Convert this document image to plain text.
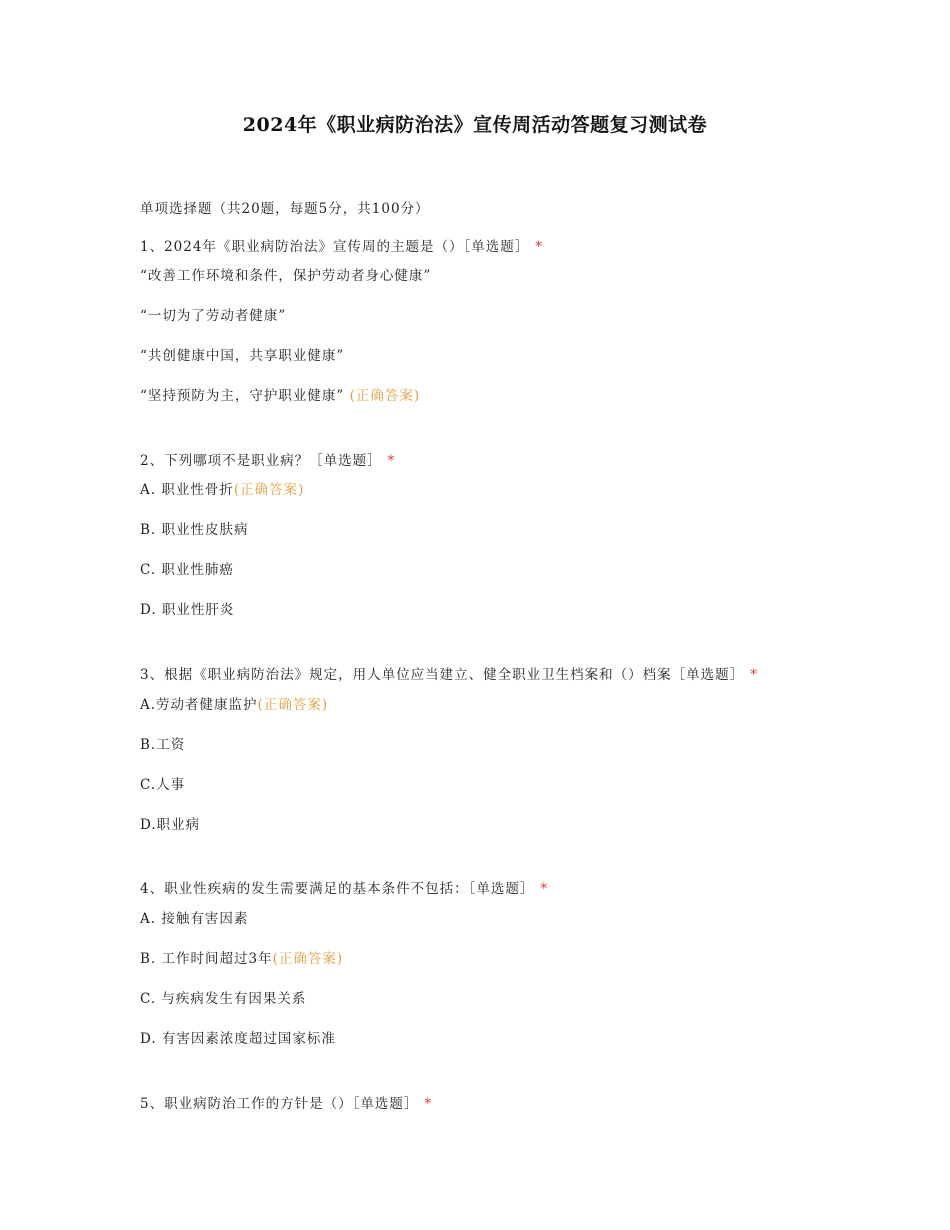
2024年《职业病防治法》宣传周活动答题复习测试卷
单项选择题（共20题，每题5分，共100分）
1、2024年《职业病防治法》宣传周的主题是（）［单选题］ *
“改善工作环境和条件，保护劳动者身心健康”
“一切为了劳动者健康”
“共创健康中国，共享职业健康”
“坚持预防为主，守护职业健康” (正确答案)
2、下列哪项不是职业病？［单选题］ *
A. 职业性骨折(正确答案)
B. 职业性皮肤病
C. 职业性肺癌
D. 职业性肝炎
3、根据《职业病防治法》规定，用人单位应当建立、健全职业卫生档案和（）档案［单选题］ *
A.劳动者健康监护(正确答案)
B.工资
C.人事
D.职业病
4、职业性疾病的发生需要满足的基本条件不包括：［单选题］ *
A. 接触有害因素
B. 工作时间超过3年(正确答案)
C. 与疾病发生有因果关系
D. 有害因素浓度超过国家标准
5、职业病防治工作的方针是（）［单选题］ *
